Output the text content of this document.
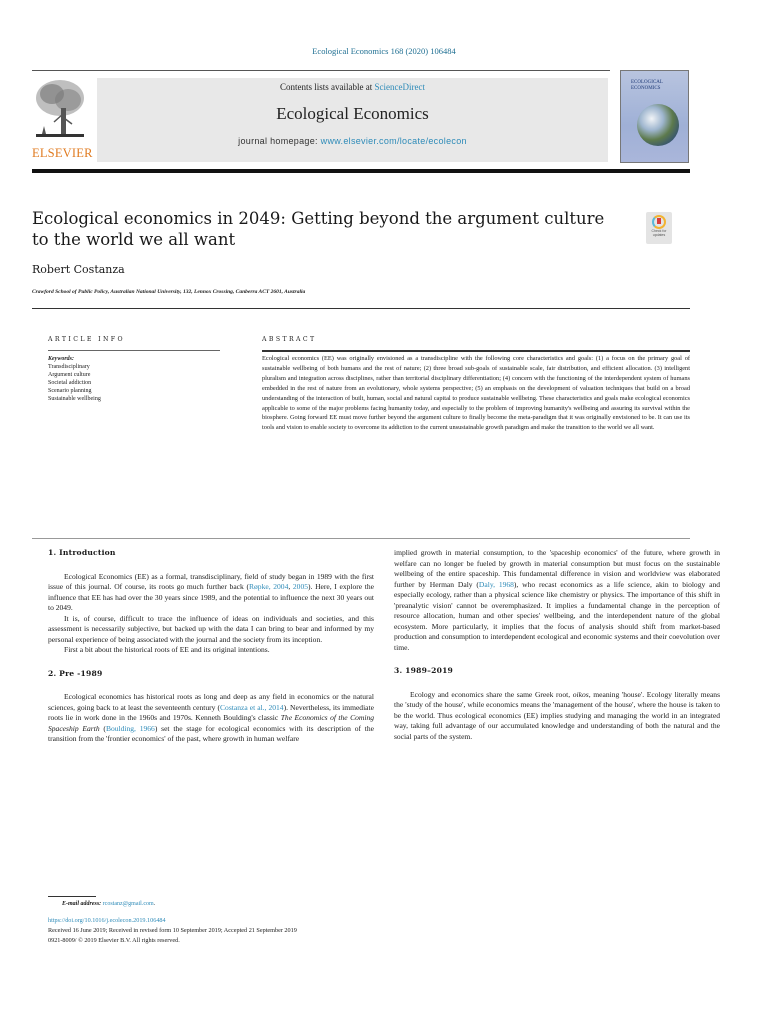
Ecological Economics 168 (2020) 106484
ELSEVIER
Contents lists available at ScienceDirect
Ecological Economics
journal homepage: www.elsevier.com/locate/ecolecon
ECOLOGICAL ECONOMICS
Ecological economics in 2049: Getting beyond the argument culture to the world we all want	Check for updates
Robert Costanza
Crawford School of Public Policy, Australian National University, 132, Lennox Crossing, Canberra ACT 2601, Australia
ARTICLE INFO
Keywords:
Transdisciplinary
Argument culture
Societal addiction
Scenario planning
Sustainable wellbeing
ABSTRACT
Ecological economics (EE) was originally envisioned as a transdiscipline with the following core characteristics and goals: (1) a focus on the primary goal of sustainable wellbeing of both humans and the rest of nature; (2) three broad sub-goals of sustainable scale, fair distribution, and efficient allocation. (3) intelligent pluralism and integration across disciplines, rather than territorial disciplinary differentiation; (4) concern with the functioning of the interdependent system of humans embedded in the rest of nature from an evolutionary, whole systems perspective; (5) an emphasis on the development of valuation techniques that build on a broad understanding of the interaction of built, human, social and natural capital to produce sustainable wellbeing. These characteristics and goals make ecological economics applicable to some of the major problems facing humanity today, and especially to the problem of improving humanity's wellbeing and assuring its survival within the biosphere. Going forward EE must move further beyond the argument culture to finally become the meta-paradigm that it was originally envisioned to be. It can use its tools and vision to enable society to overcome its addiction to the current unsustainable growth paradigm and make the transition to the world we all want.
1. Introduction

Ecological Economics (EE) as a formal, transdisciplinary, field of study began in 1989 with the first issue of this journal. Of course, its roots go much further back (Røpke, 2004, 2005). Here, I explore the influence that EE has had over the 30 years since 1989, and the potential to influence the next 30 years out to 2049.

It is, of course, difficult to trace the influence of ideas on individuals and societies, and this assessment is necessarily subjective, but backed up with the data I can bring to bear and informed by my personal experience of being associated with the journal and the society from its inception.

First a bit about the historical roots of EE and its original intentions.

2. Pre -1989

Ecological economics has historical roots as long and deep as any field in economics or the natural sciences, going back to at least the seventeenth century (Costanza et al., 2014). Nevertheless, its immediate roots lie in work done in the 1960s and 1970s. Kenneth Boulding's classic The Economics of the Coming Spaceship Earth (Boulding, 1966) set the stage for ecological economics with its description of the transition from the 'frontier economics' of the past, where growth in human welfare

implied growth in material consumption, to the 'spaceship economics' of the future, where growth in welfare can no longer be fueled by growth in material consumption but must focus on the sustainable wellbeing of the entire spaceship. This fundamental difference in vision and worldview was elaborated further by Herman Daly (Daly, 1968), who recast economics as a life science, akin to biology and especially ecology, rather than a physical science like chemistry or physics. The importance of this shift in 'preanalytic vision' cannot be overemphasized. It implies a fundamental change in the perception of resource allocation, human and other species' wellbeing, and the interdependent nature of the global ecosystem. More particularly, it implies that the focus of analysis should shift from market-based production and consumption to interdependent ecological and economic systems and their coevolution over time.

3. 1989–2019

Ecology and economics share the same Greek root, oikos, meaning 'house'. Ecology literally means the 'study of the house', while economics means the 'management of the house', where the house is taken to be the world. Thus ecological economics (EE) implies studying and managing the world in an integrated way, taking full advantage of our accumulated knowledge and understanding of both the natural and the social parts of the system.

E-mail address: rcostanz@gmail.com.
https://doi.org/10.1016/j.ecolecon.2019.106484
Received 16 June 2019; Received in revised form 10 September 2019; Accepted 21 September 2019
0921-8009/ © 2019 Elsevier B.V. All rights reserved.
